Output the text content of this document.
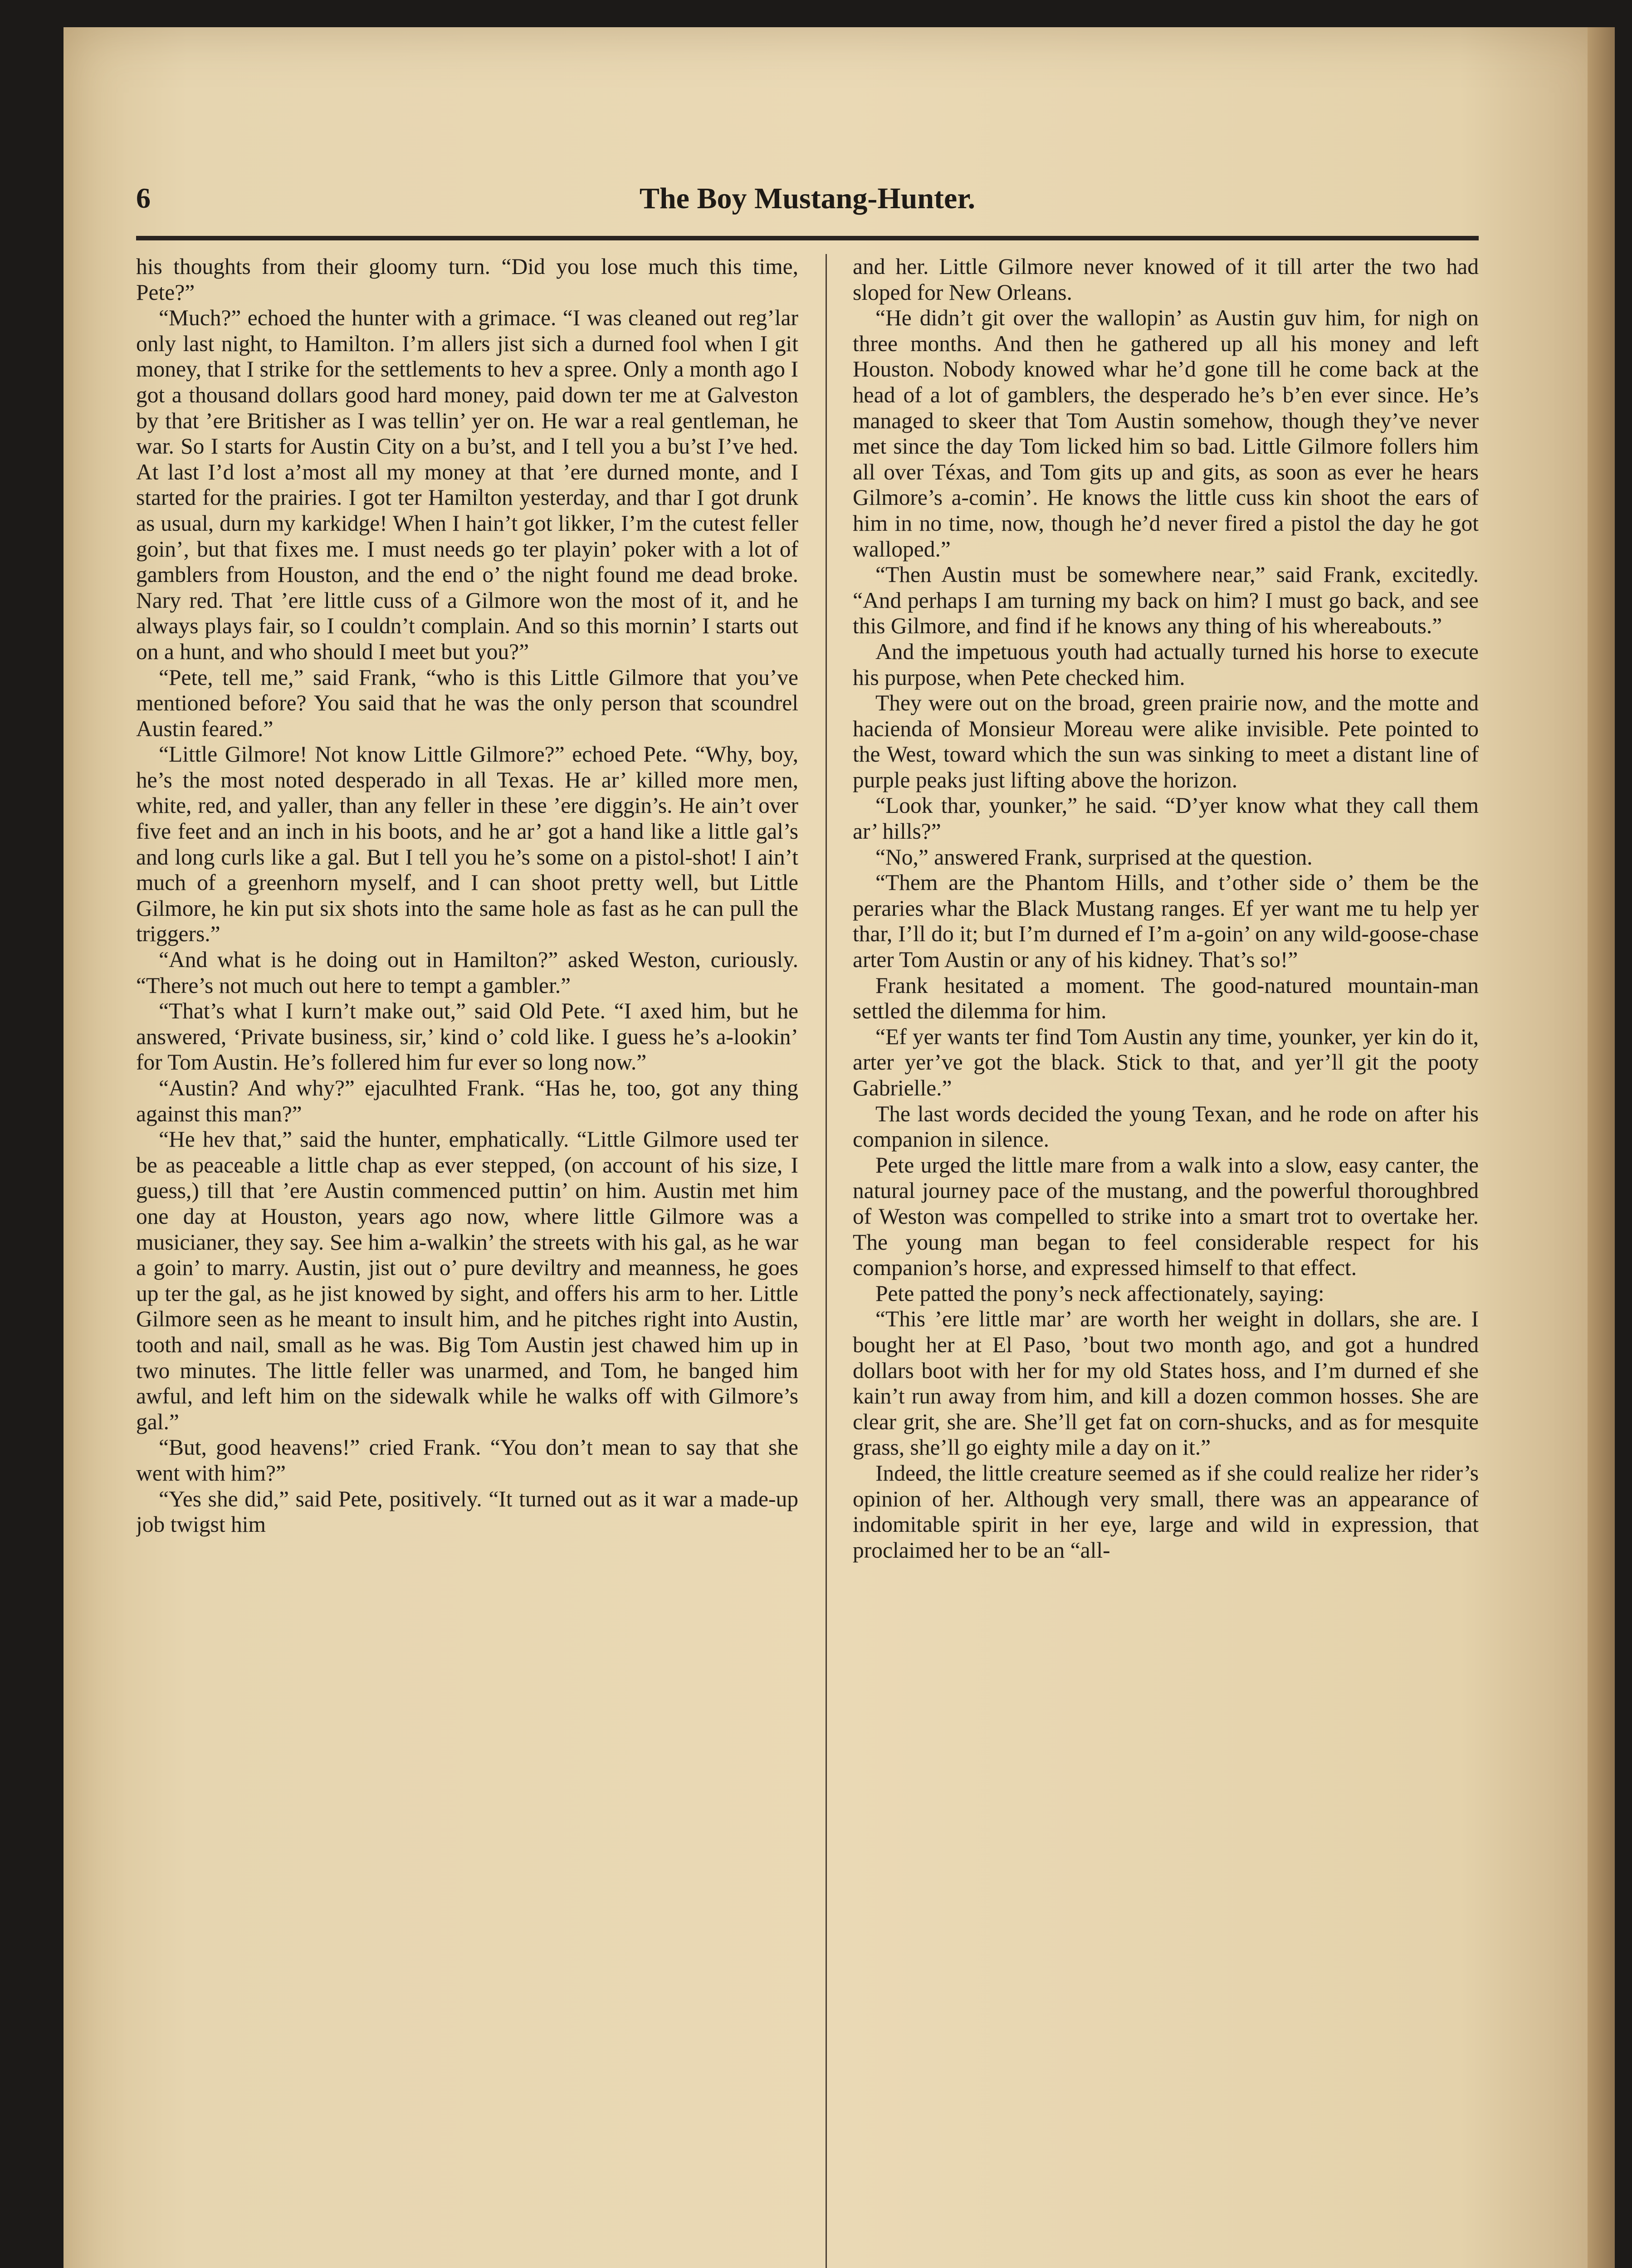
6	The Boy Mustang-Hunter.

his thoughts from their gloomy turn. “Did you lose much this time, Pete?”

“Much?” echoed the hunter with a grimace. “I was cleaned out reg’lar only last night, to Hamilton. I’m allers jist sich a durned fool when I git money, that I strike for the settlements to hev a spree. Only a month ago I got a thousand dollars good hard money, paid down ter me at Galveston by that ’ere Britisher as I was tellin’ yer on. He war a real gentleman, he war. So I starts for Austin City on a bu’st, and I tell you a bu’st I’ve hed. At last I’d lost a’most all my money at that ’ere durned monte, and I started for the prairies. I got ter Hamilton yesterday, and thar I got drunk as usual, durn my karkidge! When I hain’t got likker, I’m the cutest feller goin’, but that fixes me. I must needs go ter playin’ poker with a lot of gamblers from Houston, and the end o’ the night found me dead broke. Nary red. That ’ere little cuss of a Gilmore won the most of it, and he always plays fair, so I couldn’t complain. And so this mornin’ I starts out on a hunt, and who should I meet but you?”

“Pete, tell me,” said Frank, “who is this Little Gilmore that you’ve mentioned before? You said that he was the only person that scoundrel Austin feared.”

“Little Gilmore! Not know Little Gilmore?” echoed Pete. “Why, boy, he’s the most noted desperado in all Texas. He ar’ killed more men, white, red, and yaller, than any feller in these ’ere diggin’s. He ain’t over five feet and an inch in his boots, and he ar’ got a hand like a little gal’s and long curls like a gal. But I tell you he’s some on a pistol-shot! I ain’t much of a greenhorn myself, and I can shoot pretty well, but Little Gilmore, he kin put six shots into the same hole as fast as he can pull the triggers.”

“And what is he doing out in Hamilton?” asked Weston, curiously. “There’s not much out here to tempt a gambler.”

“That’s what I kurn’t make out,” said Old Pete. “I axed him, but he answered, ‘Private business, sir,’ kind o’ cold like. I guess he’s a-lookin’ for Tom Austin. He’s follered him fur ever so long now.”

“Austin? And why?” ejaculhted Frank. “Has he, too, got any thing against this man?”

“He hev that,” said the hunter, emphatically. “Little Gilmore used ter be as peaceable a little chap as ever stepped, (on account of his size, I guess,) till that ’ere Austin commenced puttin’ on him. Austin met him one day at Houston, years ago now, where little Gilmore was a musicianer, they say. See him a-walkin’ the streets with his gal, as he war a goin’ to marry. Austin, jist out o’ pure deviltry and meanness, he goes up ter the gal, as he jist knowed by sight, and offers his arm to her. Little Gilmore seen as he meant to insult him, and he pitches right into Austin, tooth and nail, small as he was. Big Tom Austin jest chawed him up in two minutes. The little feller was unarmed, and Tom, he banged him awful, and left him on the sidewalk while he walks off with Gilmore’s gal.”

“But, good heavens!” cried Frank. “You don’t mean to say that she went with him?”

“Yes she did,” said Pete, positively. “It turned out as it war a made-up job twigst him

and her. Little Gilmore never knowed of it till arter the two had sloped for New Orleans.

“He didn’t git over the wallopin’ as Austin guv him, for nigh on three months. And then he gathered up all his money and left Houston. Nobody knowed whar he’d gone till he come back at the head of a lot of gamblers, the desperado he’s b’en ever since. He’s managed to skeer that Tom Austin somehow, though they’ve never met since the day Tom licked him so bad. Little Gilmore follers him all over Téxas, and Tom gits up and gits, as soon as ever he hears Gilmore’s a-comin’. He knows the little cuss kin shoot the ears of him in no time, now, though he’d never fired a pistol the day he got walloped.”

“Then Austin must be somewhere near,” said Frank, excitedly. “And perhaps I am turning my back on him? I must go back, and see this Gilmore, and find if he knows any thing of his whereabouts.”

And the impetuous youth had actually turned his horse to execute his purpose, when Pete checked him.

They were out on the broad, green prairie now, and the motte and hacienda of Monsieur Moreau were alike invisible. Pete pointed to the West, toward which the sun was sinking to meet a distant line of purple peaks just lifting above the horizon.

“Look thar, younker,” he said. “D’yer know what they call them ar’ hills?”

“No,” answered Frank, surprised at the question.

“Them are the Phantom Hills, and t’other side o’ them be the peraries whar the Black Mustang ranges. Ef yer want me tu help yer thar, I’ll do it; but I’m durned ef I’m a-goin’ on any wild-goose-chase arter Tom Austin or any of his kidney. That’s so!”

Frank hesitated a moment. The good-natured mountain-man settled the dilemma for him.

“Ef yer wants ter find Tom Austin any time, younker, yer kin do it, arter yer’ve got the black. Stick to that, and yer’ll git the pooty Gabrielle.”

The last words decided the young Texan, and he rode on after his companion in silence.

Pete urged the little mare from a walk into a slow, easy canter, the natural journey pace of the mustang, and the powerful thoroughbred of Weston was compelled to strike into a smart trot to overtake her. The young man began to feel considerable respect for his companion’s horse, and expressed himself to that effect.

Pete patted the pony’s neck affectionately, saying:

“This ’ere little mar’ are worth her weight in dollars, she are. I bought her at El Paso, ’bout two month ago, and got a hundred dollars boot with her for my old States hoss, and I’m durned ef she kain’t run away from him, and kill a dozen common hosses. She are clear grit, she are. She’ll get fat on corn-shucks, and as for mesquite grass, she’ll go eighty mile a day on it.”

Indeed, the little creature seemed as if she could realize her rider’s opinion of her. Although very small, there was an appearance of indomitable spirit in her eye, large and wild in expression, that proclaimed her to be an “all-
